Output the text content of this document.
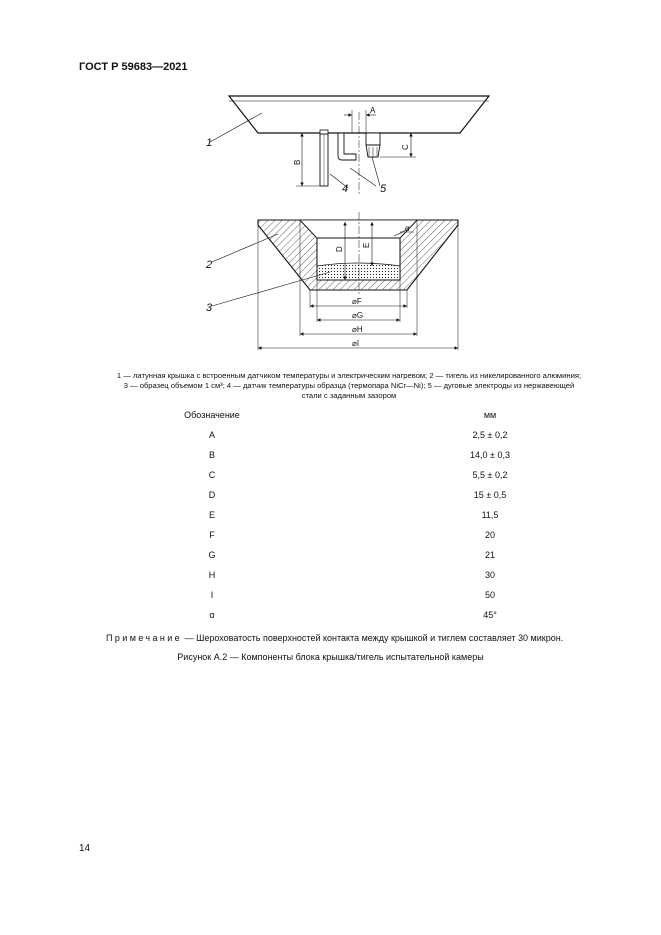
ГОСТ Р 59683—2021
A
B
C
1
4	5
D
E
α
⌀F
⌀G
⌀H
⌀I
2
3

1 — латунная крышка с встроенным датчиком температуры и электрическим нагревом; 2 — тигель из никелированного алюминия;

3 — образец объемом 1 см³; 4 — датчик температуры образца (термопара NiCr—Ni); 5 — дуговые электроды из нержавеющей

стали с заданным зазором

Обозначение	мм
A	2,5 ± 0,2
B	14,0 ± 0,3
C	5,5 ± 0,2
D	15 ± 0,5
E	11,5
F	20
G	21
H	30
I	50
α	45°
Примечание — Шероховатость поверхностей контакта между крышкой и тиглем составляет 30 микрон.
Рисунок А.2 — Компоненты блока крышка/тигель испытательной камеры
14
